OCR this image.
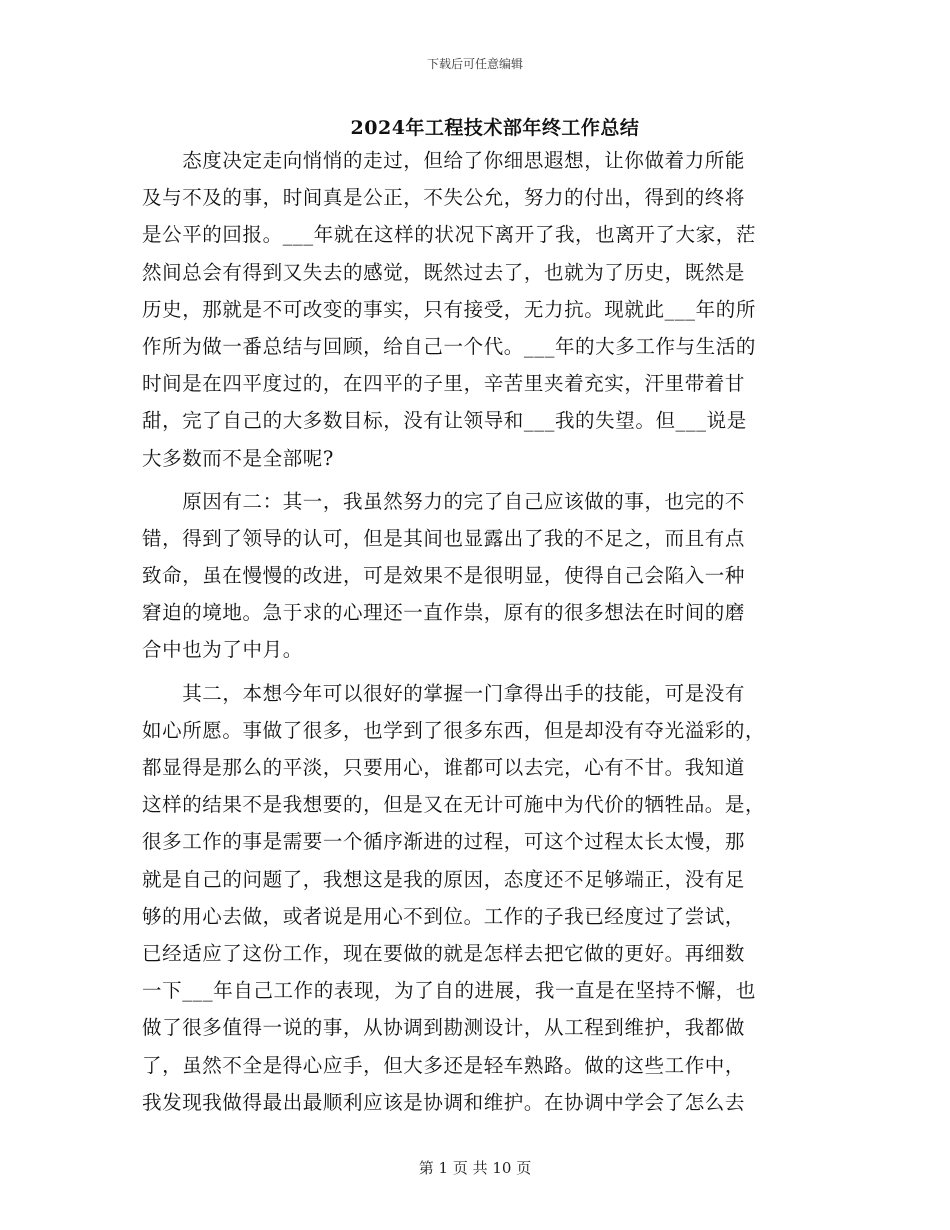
下载后可任意编辑
2024年工程技术部年终工作总结
　　态度决定走向悄悄的走过，但给了你细思遐想，让你做着力所能
及与不及的事，时间真是公正，不失公允，努力的付出，得到的终将
是公平的回报。___年就在这样的状况下离开了我，也离开了大家，茫
然间总会有得到又失去的感觉，既然过去了，也就为了历史，既然是
历史，那就是不可改变的事实，只有接受，无力抗。现就此___年的所
作所为做一番总结与回顾，给自己一个代。___年的大多工作与生活的
时间是在四平度过的，在四平的子里，辛苦里夹着充实，汗里带着甘
甜，完了自己的大多数目标，没有让领导和___我的失望。但___说是
大多数而不是全部呢?
　　原因有二：其一，我虽然努力的完了自己应该做的事，也完的不
错，得到了领导的认可，但是其间也显露出了我的不足之，而且有点
致命，虽在慢慢的改进，可是效果不是很明显，使得自己会陷入一种
窘迫的境地。急于求的心理还一直作祟，原有的很多想法在时间的磨
合中也为了中月。
　　其二，本想今年可以很好的掌握一门拿得出手的技能，可是没有
如心所愿。事做了很多，也学到了很多东西，但是却没有夺光溢彩的，
都显得是那么的平淡，只要用心，谁都可以去完，心有不甘。我知道
这样的结果不是我想要的，但是又在无计可施中为代价的牺牲品。是，
很多工作的事是需要一个循序渐进的过程，可这个过程太长太慢，那
就是自己的问题了，我想这是我的原因，态度还不足够端正，没有足
够的用心去做，或者说是用心不到位。工作的子我已经度过了尝试，
已经适应了这份工作，现在要做的就是怎样去把它做的更好。再细数
一下___年自己工作的表现，为了自的进展，我一直是在坚持不懈，也
做了很多值得一说的事，从协调到勘测设计，从工程到维护，我都做
了，虽然不全是得心应手，但大多还是轻车熟路。做的这些工作中，
我发现我做得最出最顺利应该是协调和维护。在协调中学会了怎么去
第 1 页 共 10 页
